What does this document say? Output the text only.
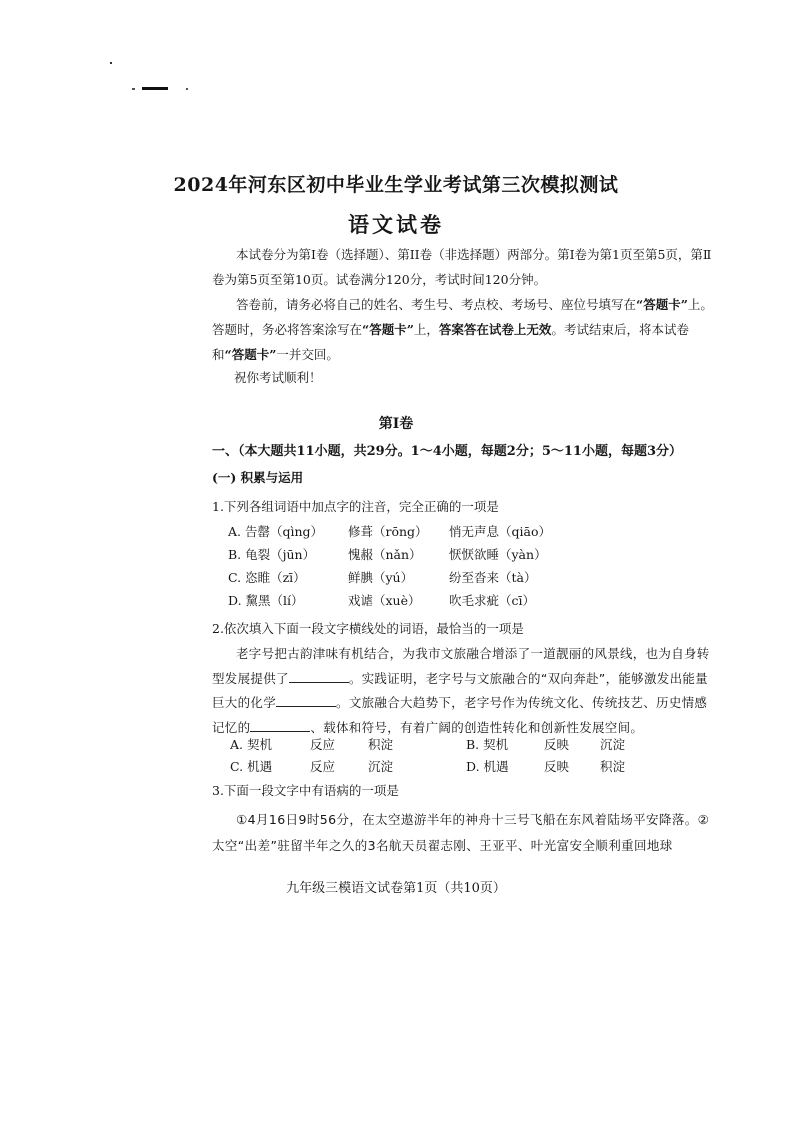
2024年河东区初中毕业生学业考试第三次模拟测试
语文试卷
本试卷分为第Ⅰ卷（选择题）、第II卷（非选择题）两部分。第Ⅰ卷为第1页至第5页，第Ⅱ卷为第5页至第10页。试卷满分120分，考试时间120分钟。
答卷前，请务必将自己的姓名、考生号、考点校、考场号、座位号填写在“答题卡”上。答题时，务必将答案涂写在“答题卡”上，答案答在试卷上无效。考试结束后，将本试卷和“答题卡”一并交回。
祝你考试顺利！
第Ⅰ卷
一、（本大题共11小题，共29分。1～4小题，每题2分；5～11小题，每题3分）
(一) 积累与运用
1.下列各组词语中加点字的注音，完全正确的一项是
A. 告罄（qìng） 修葺（rōng） 悄无声息（qiāo）
B. 龟裂（jūn）	愧赧（nǎn） 恹恹欲睡（yàn）
C. 恣睢（zī）	鲜腆（yú）	纷至沓来（tà）
D. 黧黑（lí）	戏谑（xuè） 吹毛求疵（cī）
2.依次填入下面一段文字横线处的词语，最恰当的一项是
老字号把古韵津味有机结合，为我市文旅融合增添了一道靓丽的风景线，也为自身转型发展提供了	。实践证明，老字号与文旅融合的“双向奔赴”，能够激发出能量巨大的化学	。文旅融合大趋势下，老字号作为传统文化、传统技艺、历史情感记忆的	、载体和符号，有着广阔的创造性转化和创新性发展空间。
A. 契机	反应	积淀	B. 契机	反映 沉淀
C. 机遇	反应	沉淀	D. 机遇	反映 积淀
3.下面一段文字中有语病的一项是
①4月16日9时56分，在太空遨游半年的神舟十三号飞船在东风着陆场平安降落。②太空“出差”驻留半年之久的3名航天员翟志刚、王亚平、叶光富安全顺利重回地球
九年级三模语文试卷第1页（共10页）
